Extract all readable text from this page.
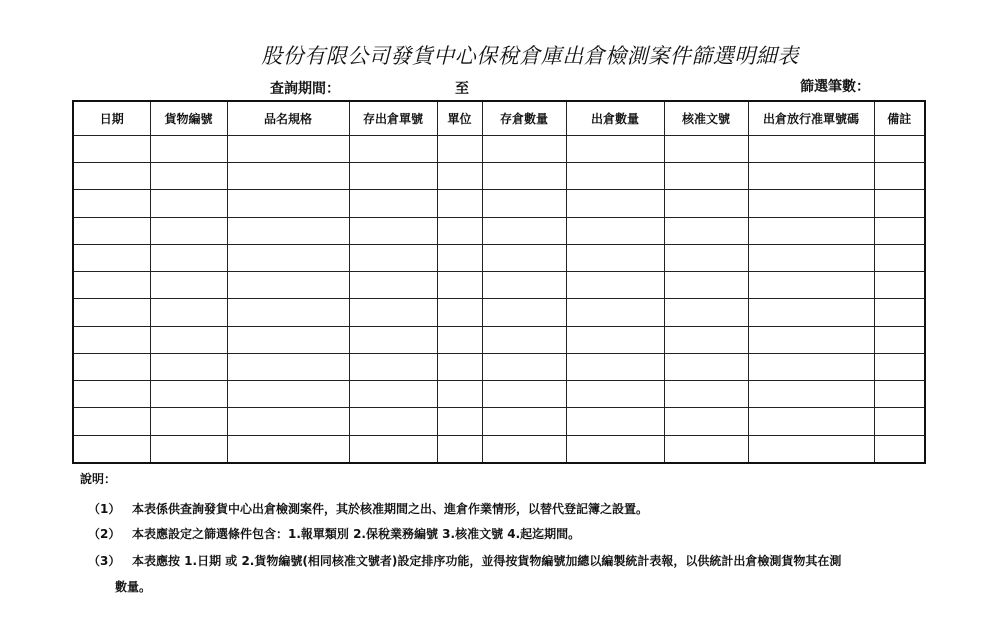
股份有限公司發貨中心保稅倉庫出倉檢測案件篩選明細表
查詢期間：	至	篩選筆數：
日期	貨物編號	品名規格	存出倉單號	單位	存倉數量	出倉數量	核准文號	出倉放行准單號碼	備註

說明：
（1） 本表係供查詢發貨中心出倉檢測案件，其於核准期間之出、進倉作業情形，以替代登記簿之設置。
（2） 本表應設定之篩選條件包含：1.報單類別 2.保稅業務編號 3.核准文號 4.起迄期間。
（3） 本表應按 1.日期 或 2.貨物編號(相同核准文號者)設定排序功能，並得按貨物編號加總以編製統計表報，以供統計出倉檢測貨物其在測
數量。
